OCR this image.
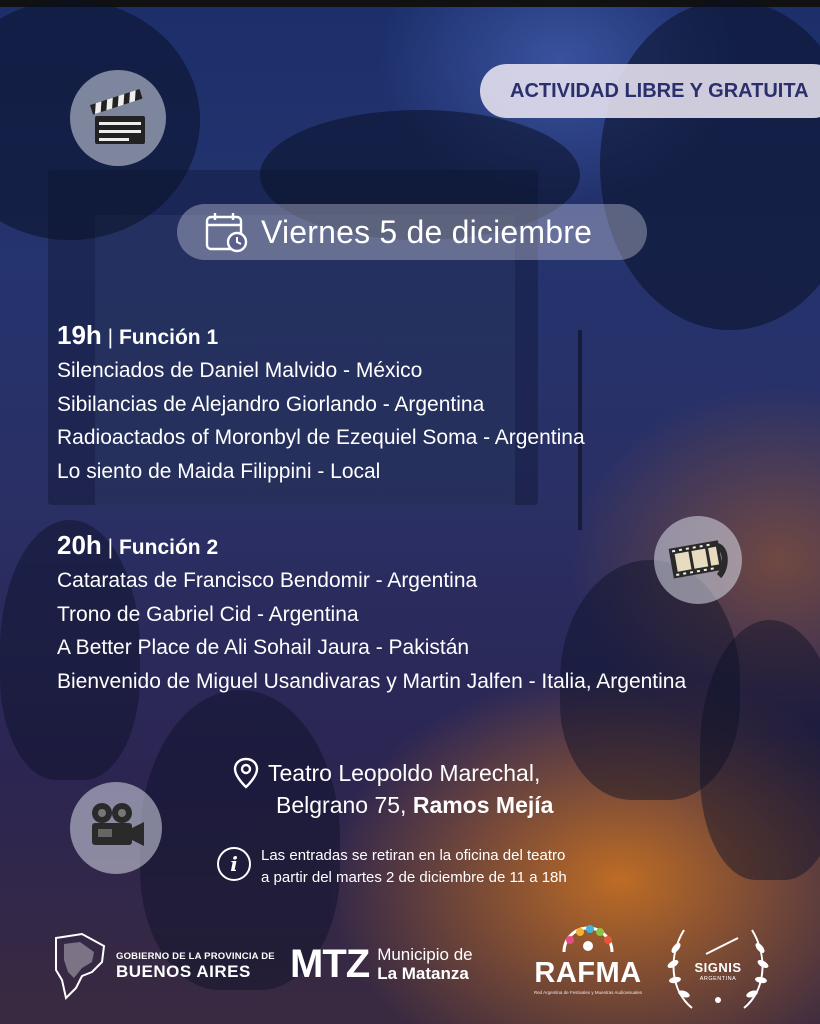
ACTIVIDAD LIBRE Y GRATUITA
Viernes 5 de diciembre
19h | Función 1
Silenciados de Daniel Malvido - México
Sibilancias de Alejandro Giorlando - Argentina
Radioactados of Moronbyl de Ezequiel Soma - Argentina
Lo siento de Maida Filippini - Local
20h | Función 2
Cataratas de Francisco Bendomir - Argentina
Trono de Gabriel Cid - Argentina
A Better Place de Ali Sohail Jaura - Pakistán
Bienvenido de Miguel Usandivaras y Martin Jalfen - Italia, Argentina
Teatro Leopoldo Marechal,
Belgrano 75, Ramos Mejía
i	Las entradas se retiran en la oficina del teatro
a partir del martes 2 de diciembre de 11 a 18h
GOBIERNO DE LA PROVINCIA DE
BUENOS AIRES MTZ Municipio de
La Matanza RAFMA
Red Argentina de Festivales y Muestras Audiovisuales
SIGNIS
ARGENTINA
